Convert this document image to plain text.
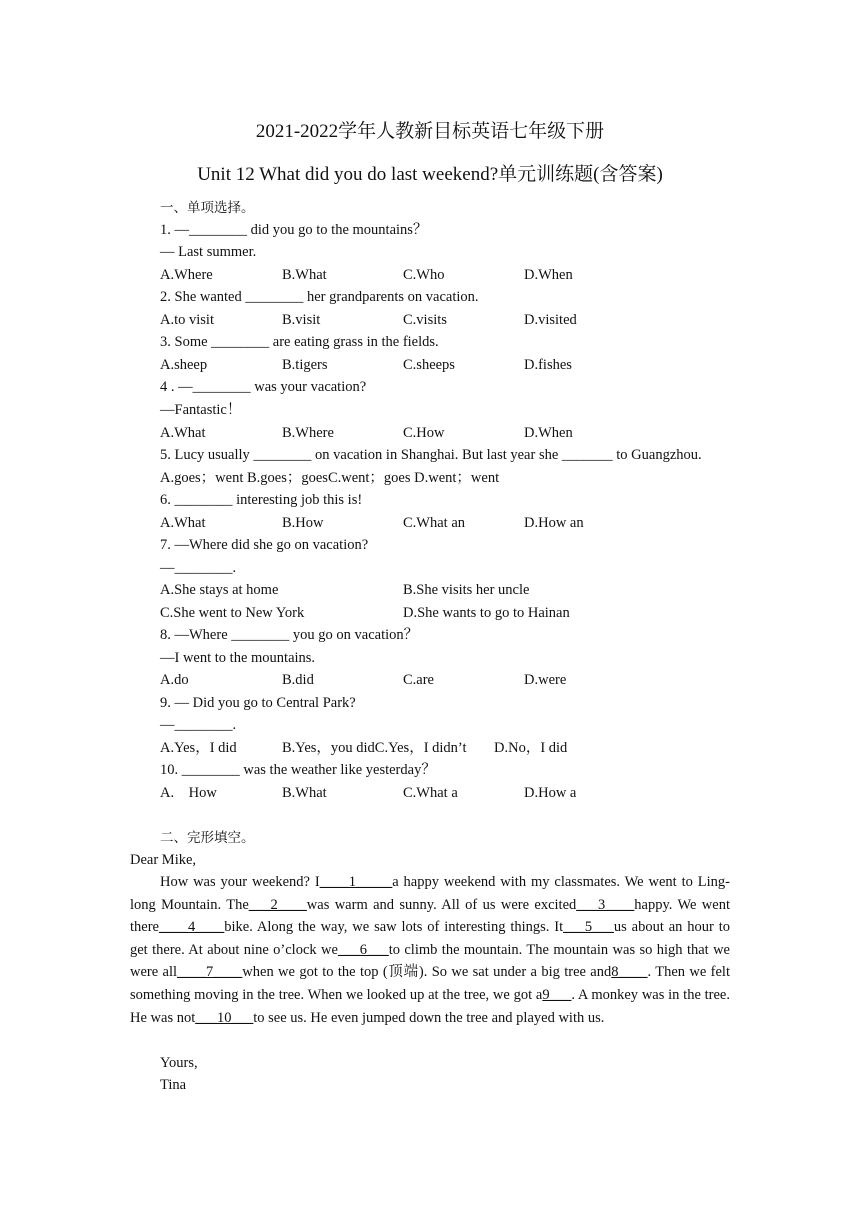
2021-2022学年人教新目标英语七年级下册
Unit 12 What did you do last weekend?单元训练题(含答案)
一、单项选择。
1. —________ did you go to the mountains？
— Last summer.
A.Where	B.What	C.Who	D.When
2. She wanted ________ her grandparents on vacation.
A.to visit	B.visit	C.visits	D.visited
3. Some ________ are eating grass in the fields.
A.sheep	B.tigers	C.sheeps	D.fishes
4 . —________ was your vacation?
—Fantastic！
A.What	B.Where	C.How	D.When
5. Lucy usually ________ on vacation in Shanghai. But last year she _______ to Guangzhou.
A.goes；went B.goes；goesC.went；goes D.went；went
6. ________ interesting job this is!
A.What	B.How	C.What an	D.How an
7. —Where did she go on vacation?
—________.
A.She stays at home	B.She visits her uncle
C.She went to New York	D.She wants to go to Hainan
8. —Where ________ you go on vacation？
—I went to the mountains.
A.do	B.did	C.are	D.were
9. — Did you go to Central Park?
—________.
A.Yes，I did	B.Yes，you didC.Yes，I didn’t D.No，I did
10. ________ was the weather like yesterday？
A.    How	B.What	C.What a	D.How a
二、完形填空。
Dear Mike,
How was your weekend? I____1_____a happy weekend with my classmates. We went to Ling-long Mountain. The___2____was warm and sunny. All of us were excited___3____happy. We went there____4____bike. Along the way, we saw lots of interesting things. It___5___us about an hour to get there. At about nine o’clock we___6___to climb the mountain. The mountain was so high that we were all____7____when we got to the top (顶端). So we sat under a big tree and8____. Then we felt something moving in the tree. When we looked up at the tree, we got a9___. A monkey was in the tree. He was not___10___to see us. He even jumped down the tree and played with us.
Yours,
Tina
